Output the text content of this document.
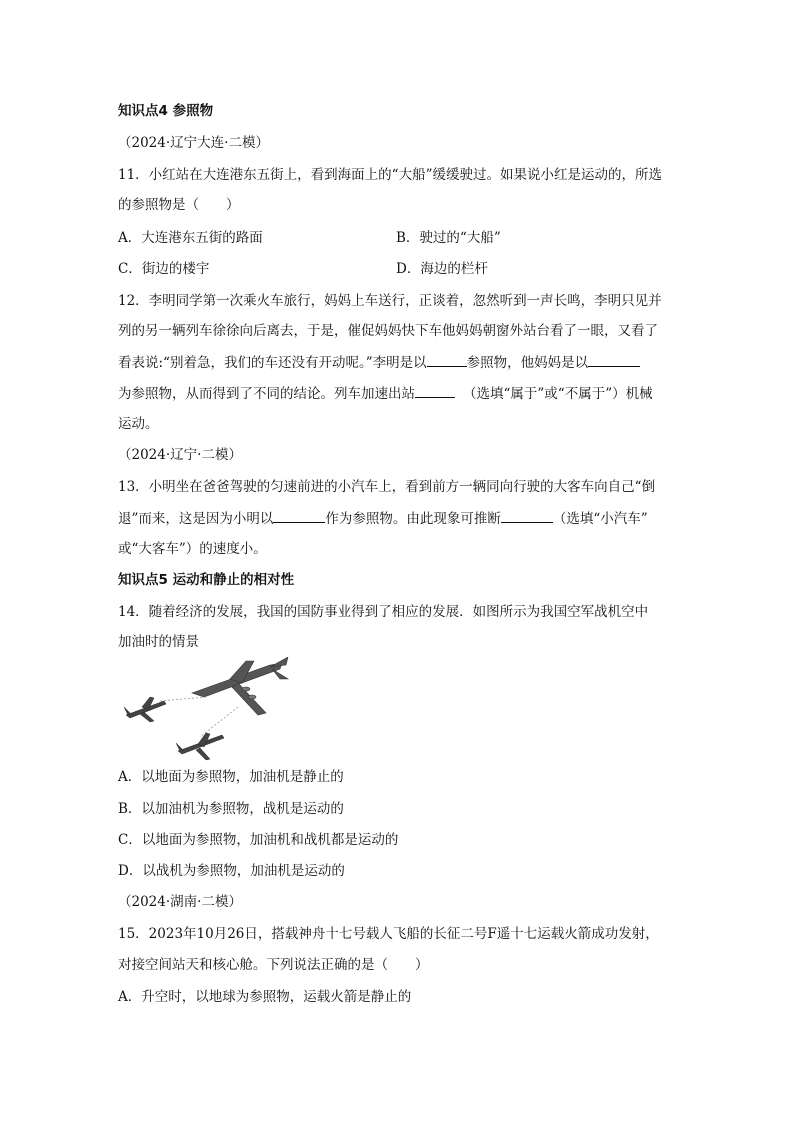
知识点4 参照物
（2024·辽宁大连·二模）
11．小红站在大连港东五街上，看到海面上的“大船”缓缓驶过。如果说小红是运动的，所选
的参照物是（　　）
A．大连港东五街的路面	B．驶过的“大船”
C．街边的楼宇	D．海边的栏杆
12．李明同学第一次乘火车旅行，妈妈上车送行，正谈着，忽然听到一声长鸣，李明只见并
列的另一辆列车徐徐向后离去，于是，催促妈妈快下车他妈妈朝窗外站台看了一眼，又看了
看表说:“别着急，我们的车还没有开动呢。”李明是以	参照物，他妈妈是以
为参照物，从而得到了不同的结论。列车加速出站	（选填“属于”或“不属于”）机械
运动。
（2024·辽宁·二模）
13．小明坐在爸爸驾驶的匀速前进的小汽车上，看到前方一辆同向行驶的大客车向自己“倒
退”而来，这是因为小明以	作为参照物。由此现象可推断	（选填“小汽车”
或“大客车”）的速度小。
知识点5 运动和静止的相对性
14．随着经济的发展，我国的国防事业得到了相应的发展．如图所示为我国空军战机空中
加油时的情景
A．以地面为参照物，加油机是静止的
B．以加油机为参照物，战机是运动的
C．以地面为参照物，加油机和战机都是运动的
D．以战机为参照物，加油机是运动的
（2024·湖南·二模）
15．2023年10月26日，搭载神舟十七号载人飞船的长征二号F遥十七运载火箭成功发射，
对接空间站天和核心舱。下列说法正确的是（　　）
A．升空时，以地球为参照物，运载火箭是静止的
